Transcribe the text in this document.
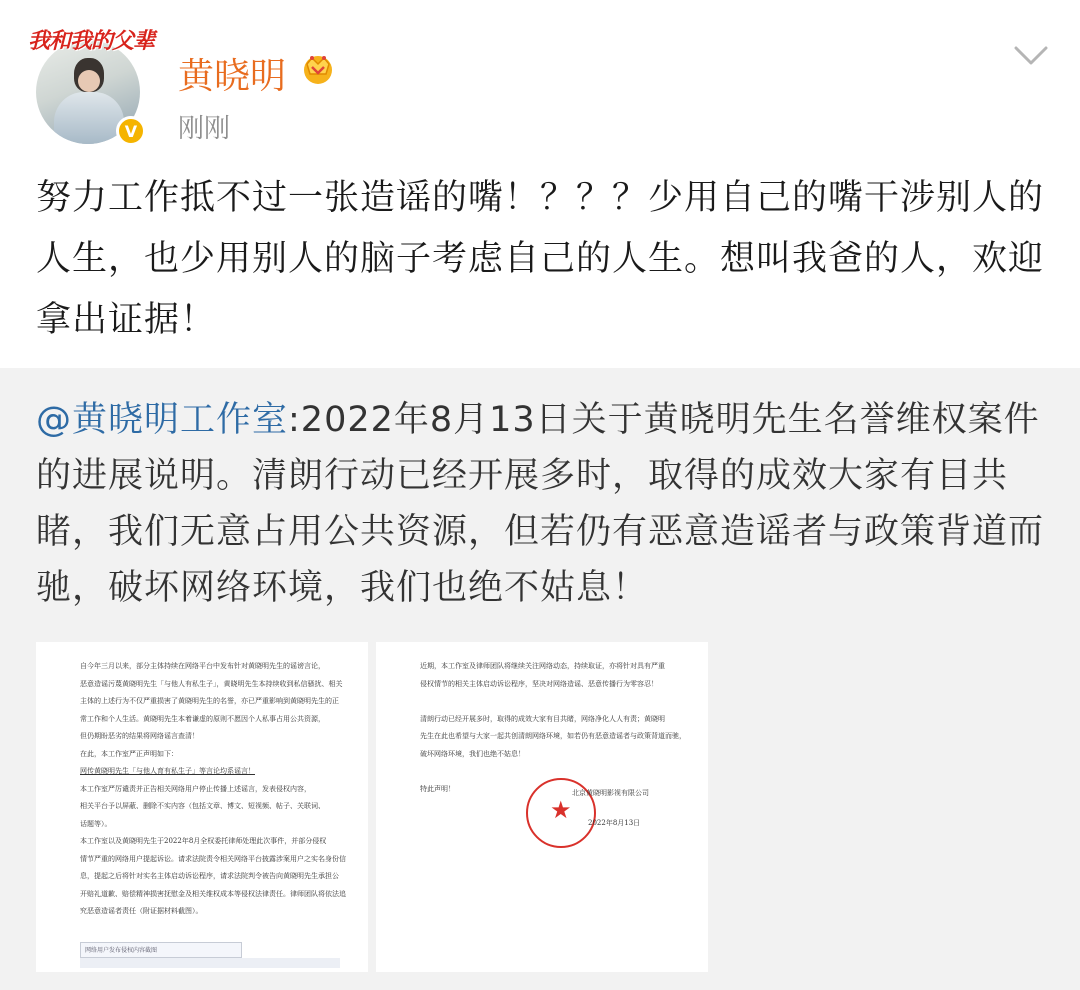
我和我的父辈
V
黄晓明
刚刚

努力工作抵不过一张造谣的嘴！？？？少用自己的嘴干涉别人的人生，也少用别人的脑子考虑自己的人生。想叫我爸的人，欢迎拿出证据！

@黄晓明工作室:2022年8月13日关于黄晓明先生名誉维权案件的进展说明。清朗行动已经开展多时，取得的成效大家有目共睹，我们无意占用公共资源，但若仍有恶意造谣者与政策背道而驰，破坏网络环境，我们也绝不姑息！

自今年三月以来，部分主体持续在网络平台中发布针对黄晓明先生的谣谤言论，

恶意造谣污蔑黄晓明先生「与他人有私生子」，黄晓明先生本持续收到私信骚扰、相关

主体的上述行为不仅严重损害了黄晓明先生的名誉，亦已严重影响到黄晓明先生的正

常工作和个人生活。黄晓明先生本着谦虚的原则不愿因个人私事占用公共资源，

但仍期盼恶劣的结果将网络谣言查清！

在此，本工作室严正声明如下：

网传黄晓明先生「与他人育有私生子」等言论均系谣言！

本工作室严厉谴责并正告相关网络用户停止传播上述谣言，发表侵权内容，

相关平台予以屏蔽、删除不实内容（包括文章、博文、短视频、帖子、关联词、

话题等）。

本工作室以及黄晓明先生于2022年8月全权委托律师处理此次事件，并部分侵权

情节严重的网络用户提起诉讼。请求法院责令相关网络平台披露涉案用户之实名身份信

息，提起之后将针对实名主体启动诉讼程序，请求法院判令被告向黄晓明先生承担公

开赔礼道歉、赔偿精神损害抚慰金及相关维权成本等侵权法律责任。律师团队将依法追

究恶意造谣者责任（附证据材料截图）。

网络用户发布侵权内容截图

近期，本工作室及律师团队将继续关注网络动态，持续取证，亦将针对具有严重

侵权情节的相关主体启动诉讼程序，坚决对网络造谣、恶意传播行为零容忍！

清朗行动已经开展多时，取得的成效大家有目共睹，网络净化人人有责；黄晓明

先生在此也希望与大家一起共创清朗网络环境，如若仍有恶意造谣者与政策背道而驰，

破坏网络环境，我们也绝不姑息！

特此声明！

★
北京黄晓明影视有限公司
2022年8月13日
